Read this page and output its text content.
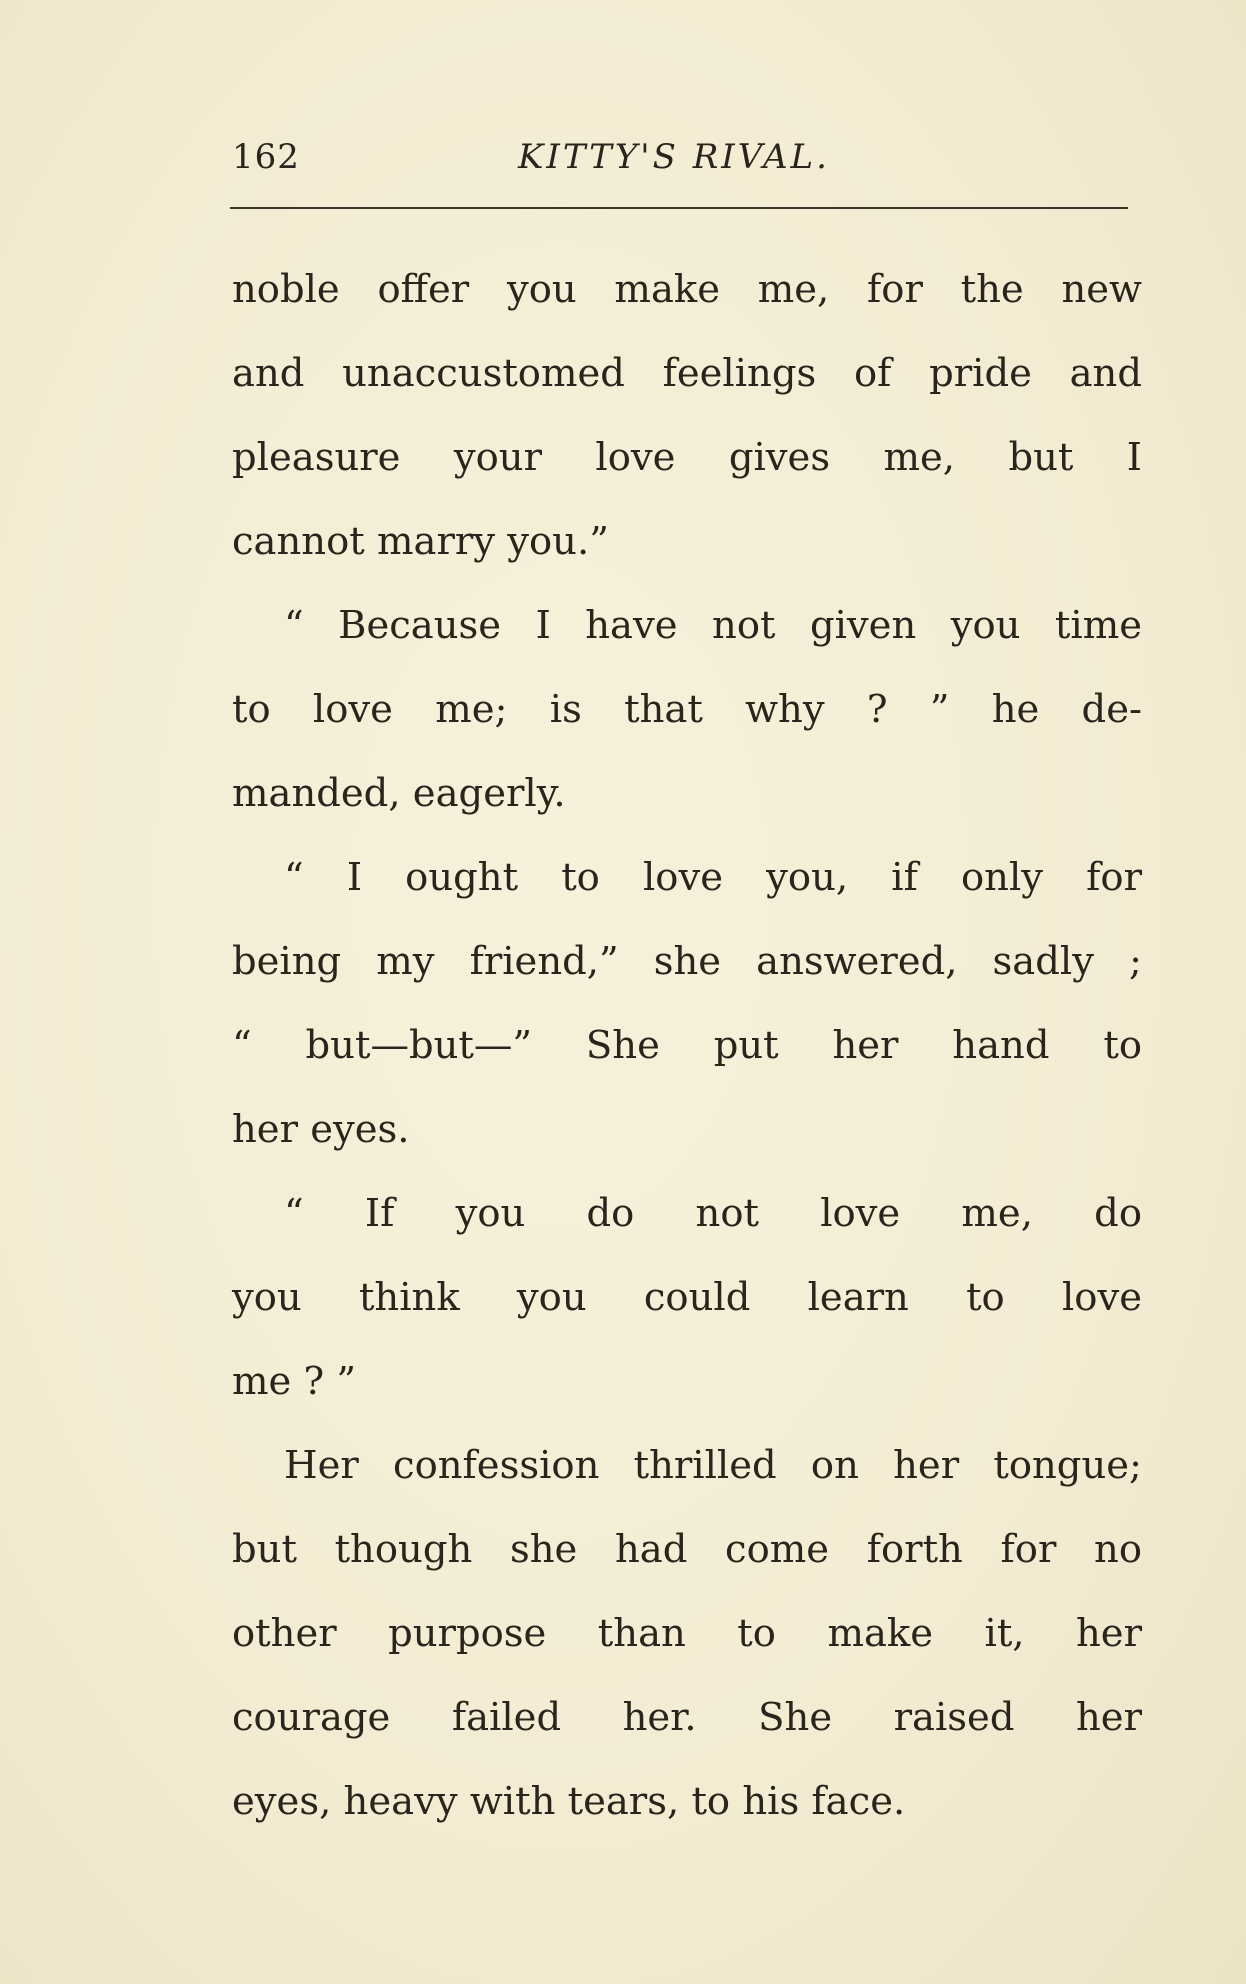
162	KITTY'S RIVAL.
noble offer you make me, for the new
and unaccustomed feelings of pride and
pleasure your love gives me, but I
cannot marry you.”
“ Because I have not given you time
to love me; is that why ? ” he de-
manded, eagerly.
“ I ought to love you, if only for
being my friend,” she answered, sadly ;
“ but—but—” She put her hand to
her eyes.
“ If you do not love me, do
you think you could learn to love
me ? ”
Her confession thrilled on her tongue;
but though she had come forth for no
other purpose than to make it, her
courage failed her. She raised her
eyes, heavy with tears, to his face.
